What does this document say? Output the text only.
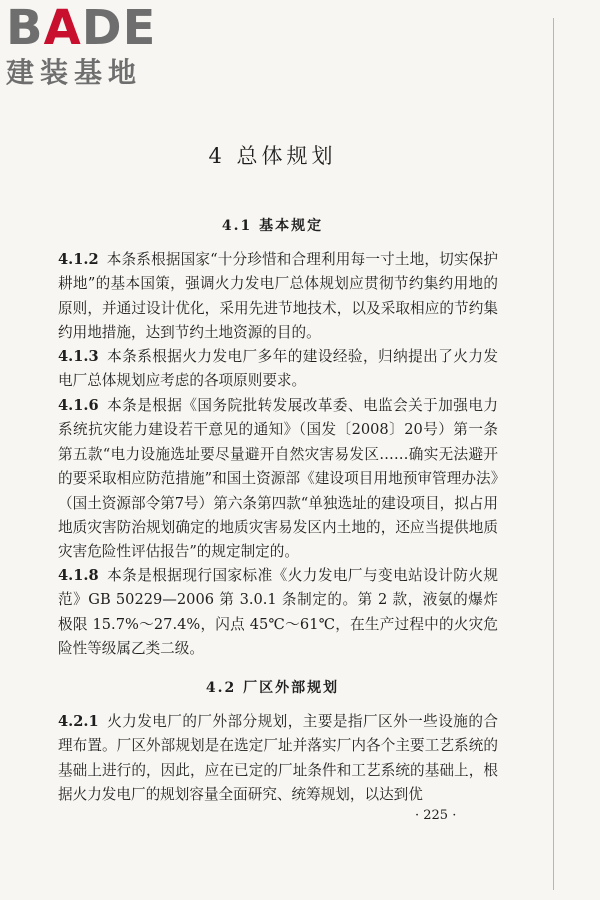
BADE
建装基地
4 总体规划
4.1 基本规定

4.1.2 本条系根据国家“十分珍惜和合理利用每一寸土地，切实保护耕地”的基本国策，强调火力发电厂总体规划应贯彻节约集约用地的原则，并通过设计优化，采用先进节地技术，以及采取相应的节约集约用地措施，达到节约土地资源的目的。

4.1.3 本条系根据火力发电厂多年的建设经验，归纳提出了火力发电厂总体规划应考虑的各项原则要求。

4.1.6 本条是根据《国务院批转发展改革委、电监会关于加强电力系统抗灾能力建设若干意见的通知》（国发〔2008〕20号）第一条第五款“电力设施选址要尽量避开自然灾害易发区……确实无法避开的要采取相应防范措施”和国土资源部《建设项目用地预审管理办法》（国土资源部令第7号）第六条第四款“单独选址的建设项目，拟占用地质灾害防治规划确定的地质灾害易发区内土地的，还应当提供地质灾害危险性评估报告”的规定制定的。

4.1.8 本条是根据现行国家标准《火力发电厂与变电站设计防火规范》GB 50229—2006 第 3.0.1 条制定的。第 2 款，液氨的爆炸极限 15.7%～27.4%，闪点 45℃～61℃，在生产过程中的火灾危险性等级属乙类二级。

4.2 厂区外部规划

4.2.1 火力发电厂的厂外部分规划，主要是指厂区外一些设施的合理布置。厂区外部规划是在选定厂址并落实厂内各个主要工艺系统的基础上进行的，因此，应在已定的厂址条件和工艺系统的基础上，根据火力发电厂的规划容量全面研究、统筹规划，以达到优

· 225 ·
